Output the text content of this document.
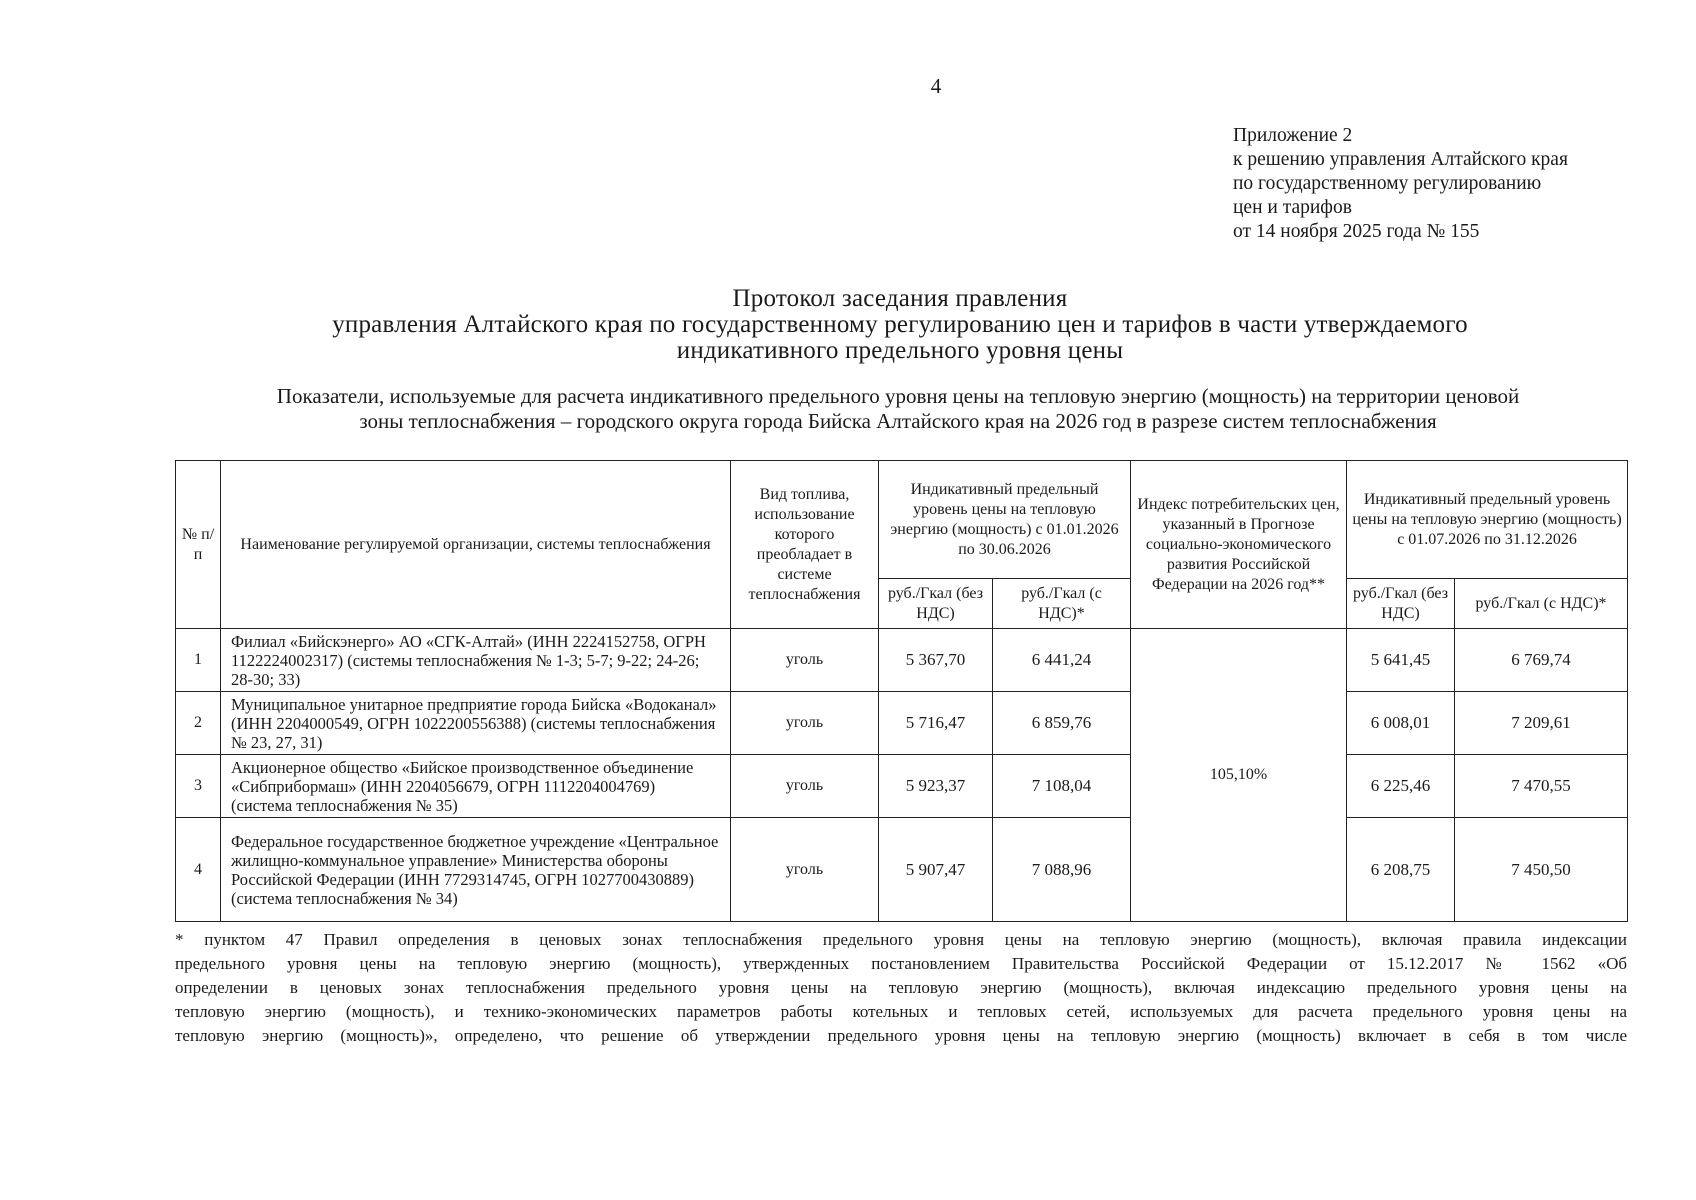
4
Приложение 2
к решению управления Алтайского края
по государственному регулированию
цен и тарифов
от 14 ноября 2025 года № 155
Протокол заседания правления
управления Алтайского края по государственному регулированию цен и тарифов в части утверждаемого
индикативного предельного уровня цены
Показатели, используемые для расчета индикативного предельного уровня цены на тепловую энергию (мощность) на территории ценовой
зоны теплоснабжения – городского округа города Бийска Алтайского края на 2026 год в разрезе систем теплоснабжения
№ п/п	Наименование регулируемой организации, системы теплоснабжения	Вид топлива, использование которого преобладает в системе теплоснабжения	Индикативный предельный уровень цены на тепловую энергию (мощность) с 01.01.2026 по 30.06.2026		Индекс потребительских цен, указанный в Прогнозе социально-экономического развития Российской Федерации на 2026 год**	Индикативный предельный уровень цены на тепловую энергию (мощность) с 01.07.2026 по 31.12.2026	
			руб./Гкал (без НДС)	руб./Гкал (с НДС)*		руб./Гкал (без НДС)	руб./Гкал (с НДС)*
1	Филиал «Бийскэнерго» АО «СГК-Алтай» (ИНН 2224152758, ОГРН 1122224002317) (системы теплоснабжения № 1-3; 5-7; 9-22; 24-26; 28-30; 33)	уголь	5 367,70	6 441,24	105,10%	5 641,45	6 769,74
2	Муниципальное унитарное предприятие города Бийска «Водоканал» (ИНН 2204000549, ОГРН 1022200556388) (системы теплоснабжения № 23, 27, 31)	уголь	5 716,47	6 859,76		6 008,01	7 209,61
3	Акционерное общество «Бийское производственное объединение «Сибприбормаш» (ИНН 2204056679, ОГРН 1112204004769) (система теплоснабжения № 35)	уголь	5 923,37	7 108,04		6 225,46	7 470,55
4	Федеральное государственное бюджетное учреждение «Центральное жилищно-коммунальное управление» Министерства обороны Российской Федерации (ИНН 7729314745, ОГРН 1027700430889) (система теплоснабжения № 34)	уголь	5 907,47	7 088,96		6 208,75	7 450,50
* пунктом 47 Правил определения в ценовых зонах теплоснабжения предельного уровня цены на тепловую энергию (мощность), включая правила индексации
предельного уровня цены на тепловую энергию (мощность), утвержденных постановлением Правительства Российской Федерации от 15.12.2017 № 1562 «Об
определении в ценовых зонах теплоснабжения предельного уровня цены на тепловую энергию (мощность), включая индексацию предельного уровня цены на
тепловую энергию (мощность), и технико-экономических параметров работы котельных и тепловых сетей, используемых для расчета предельного уровня цены на
тепловую энергию (мощность)», определено, что решение об утверждении предельного уровня цены на тепловую энергию (мощность) включает в себя в том числе
